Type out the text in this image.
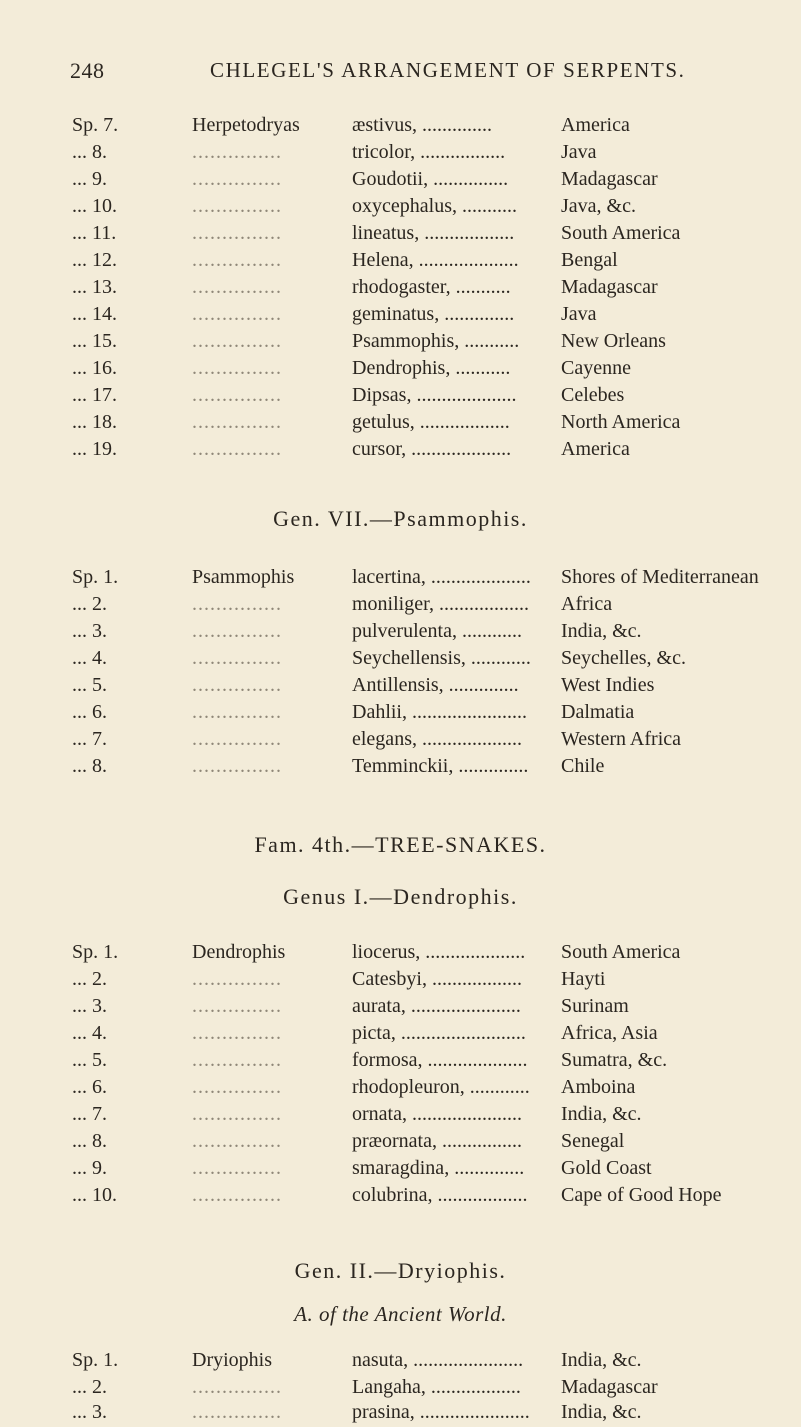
248	CHLEGEL'S ARRANGEMENT OF SERPENTS.
Sp. 7.	Herpetodryas	æstivus, ..............	America
... 8.	...............	tricolor, .................	Java
... 9.	...............	Goudotii, ...............	Madagascar
... 10.	...............	oxycephalus, ........... Java, &c.
... 11.	...............	lineatus, .................. South America
... 12.	...............	Helena, .................... Bengal
... 13.	...............	rhodogaster, ...........	Madagascar
... 14.	...............	geminatus, .............. Java
... 15.	...............	Psammophis, ........... New Orleans
... 16.	...............	Dendrophis, ...........	Cayenne
... 17.	...............	Dipsas, .................... Celebes
... 18.	...............	getulus, ..................	North America
... 19.	...............	cursor, .................... America
Gen. VII.—Psammophis.
Sp. 1.	Psammophis	lacertina, .................... Shores of Mediterranean
... 2.	...............	moniliger, .................. Africa
... 3.	...............	pulverulenta, ............ India, &c.
... 4.	...............	Seychellensis, ............ Seychelles, &c.
... 5.	...............	Antillensis, .............. West Indies
... 6.	...............	Dahlii, ....................... Dalmatia
... 7.	...............	elegans, .................... Western Africa
... 8.	...............	Temminckii, .............. Chile
Fam. 4th.—TREE-SNAKES.
Genus I.—Dendrophis.
Sp. 1.	Dendrophis	liocerus, .................... South America
... 2.	...............	Catesbyi, .................. Hayti
... 3.	...............	aurata, ...................... Surinam
... 4.	...............	picta, ......................... Africa, Asia
... 5.	...............	formosa, .................... Sumatra, &c.
... 6.	...............	rhodopleuron, ............ Amboina
... 7.	...............	ornata, ...................... India, &c.
... 8.	...............	præornata, ................ Senegal
... 9.	...............	smaragdina, .............. Gold Coast
... 10.	...............	colubrina, .................. Cape of Good Hope
Gen. II.—Dryiophis.
A. of the Ancient World.
Sp. 1.	Dryiophis	nasuta, ...................... India, &c.
... 2.	...............	Langaha, .................. Madagascar
... 3.	...............	prasina, ...................... India, &c.
